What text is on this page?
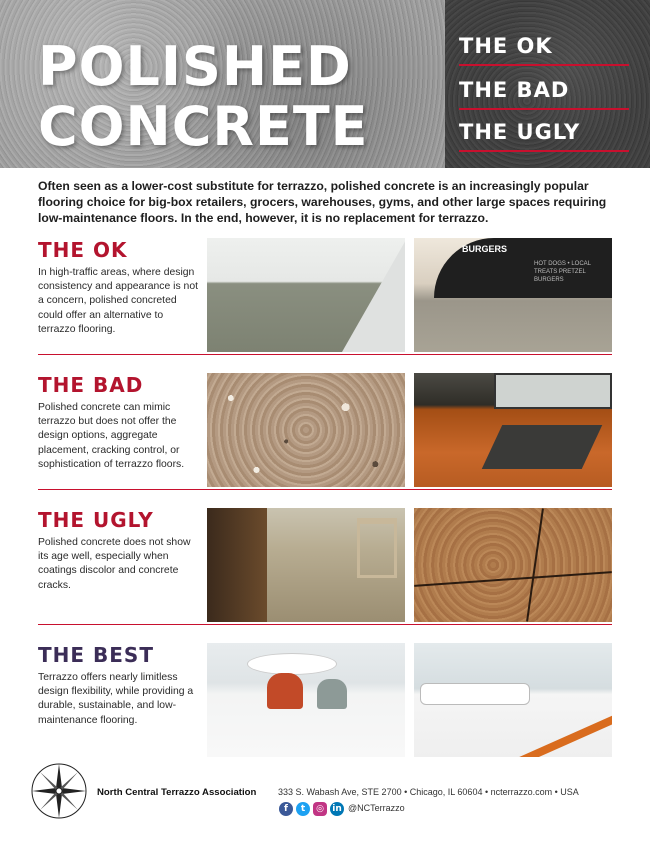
POLISHED
CONCRETE
THE OK
THE BAD
THE UGLY

Often seen as a lower-cost substitute for terrazzo, polished concrete is an increasingly popular flooring choice for big-box retailers, grocers, warehouses, gyms, and other large spaces requiring low-maintenance floors. In the end, however, it is no replacement for terrazzo.

THE OK

In high-traffic areas, where design consistency and appearance is not a concern, polished concreted could offer an alternative to terrazzo flooring.

BURGERS
HOT DOGS • LOCAL TREATS PRETZEL BURGERS
THE BAD

Polished concrete can mimic terrazzo but does not offer the design options, aggregate placement, cracking control, or sophistication of terrazzo floors.

THE UGLY

Polished concrete does not show its age well, especially when coatings discolor and concrete cracks.

THE BEST

Terrazzo offers nearly limitless design flexibility, while providing a durable, sustainable, and low-maintenance flooring.

North Central Terrazzo Association 333 S. Wabash Ave, STE 2700 • Chicago, IL 60604 • ncterrazzo.com • USA
f	t	◎ in @NCTerrazzo
